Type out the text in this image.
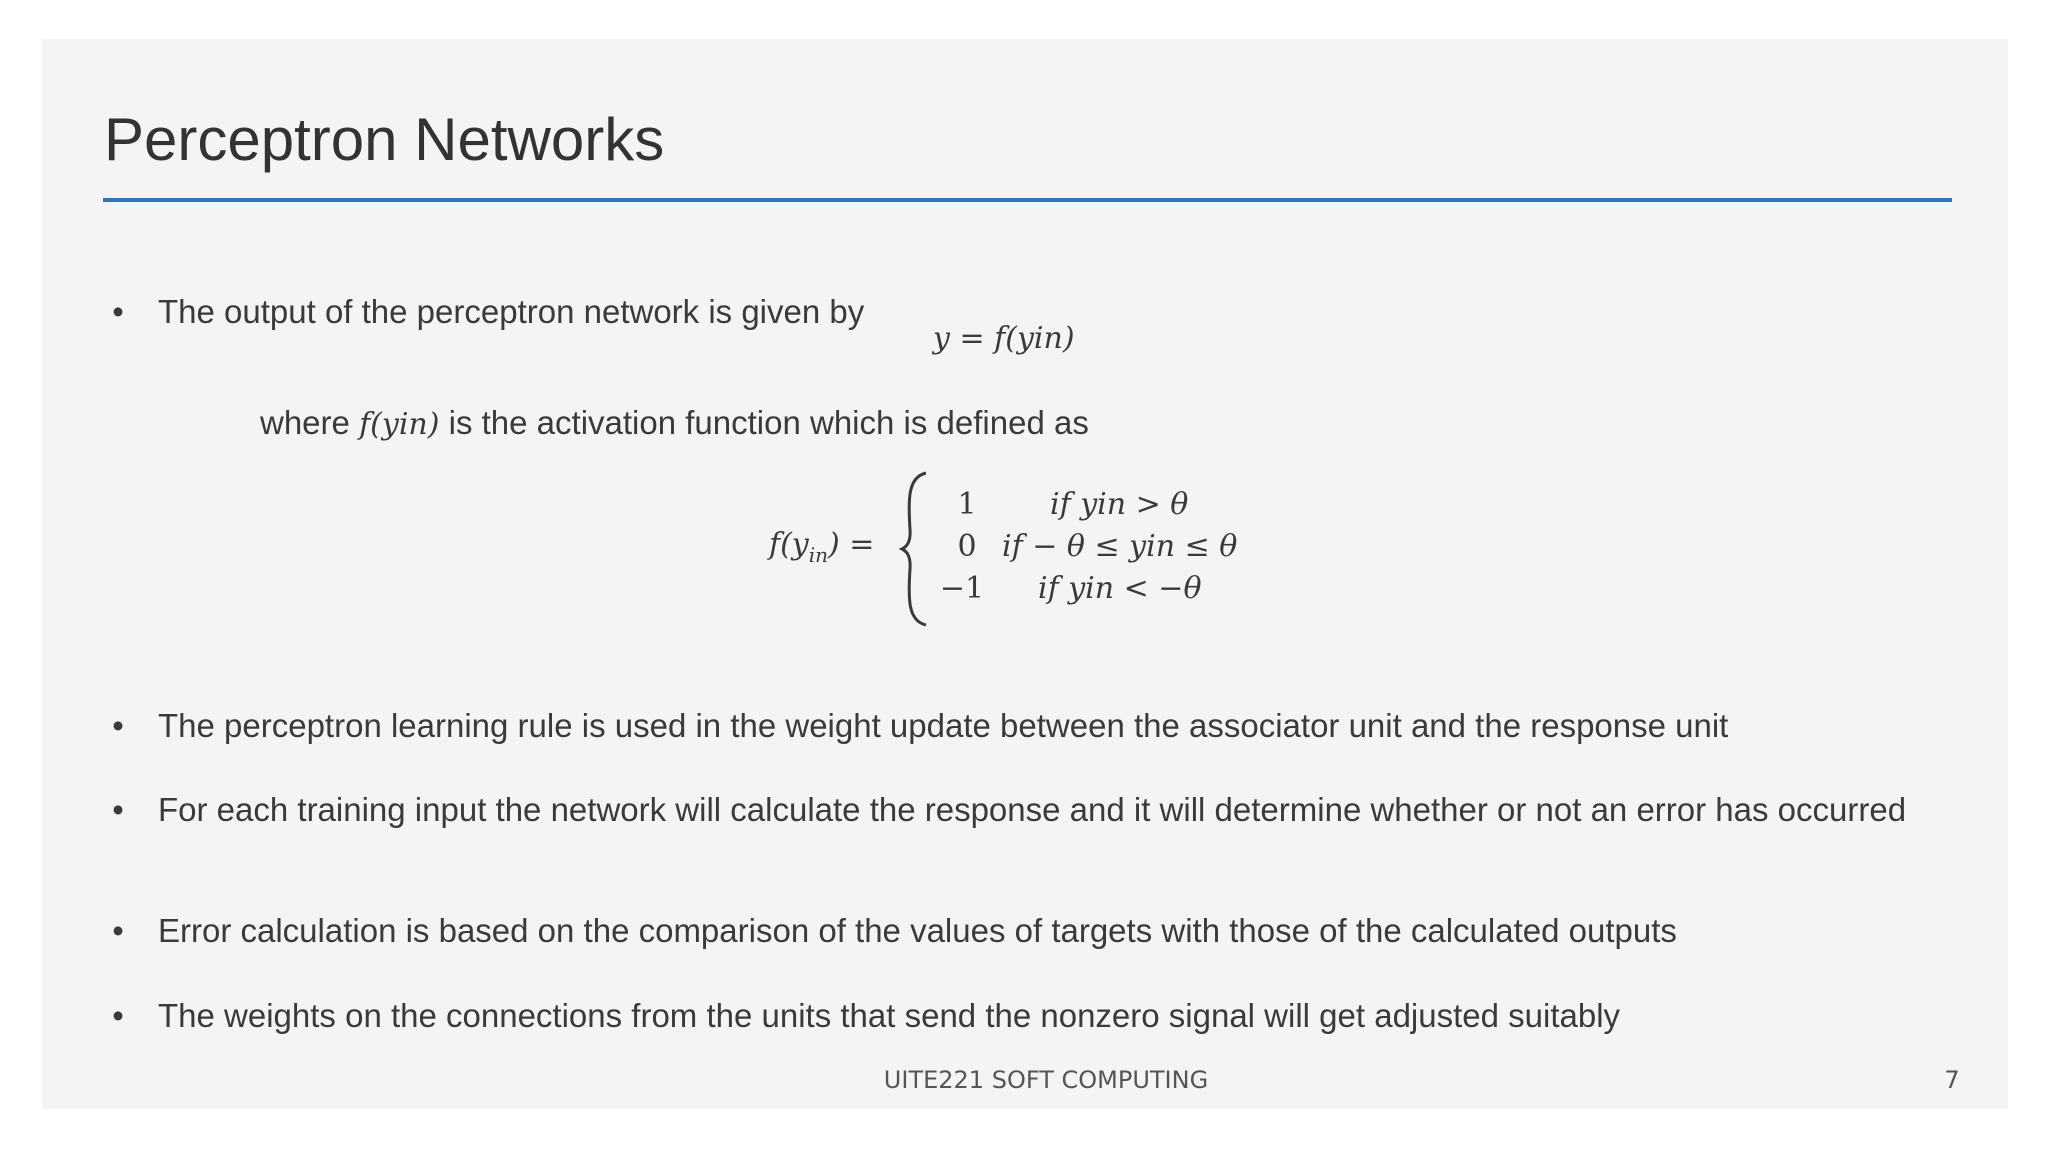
Perceptron Networks
• The output of the perceptron network is given by
y = f(yin)
where f(yin) is the activation function which is defined as
$f(y_{in})$ =
1	if yin > θ
0 if − θ ≤ yin ≤ θ
−1	if yin < −θ
• The perceptron learning rule is used in the weight update between the associator unit and the response unit
• For each training input the network will calculate the response and it will determine whether or not an error has occurred
• Error calculation is based on the comparison of the values of targets with those of the calculated outputs
• The weights on the connections from the units that send the nonzero signal will get adjusted suitably
UITE221 SOFT COMPUTING	7
